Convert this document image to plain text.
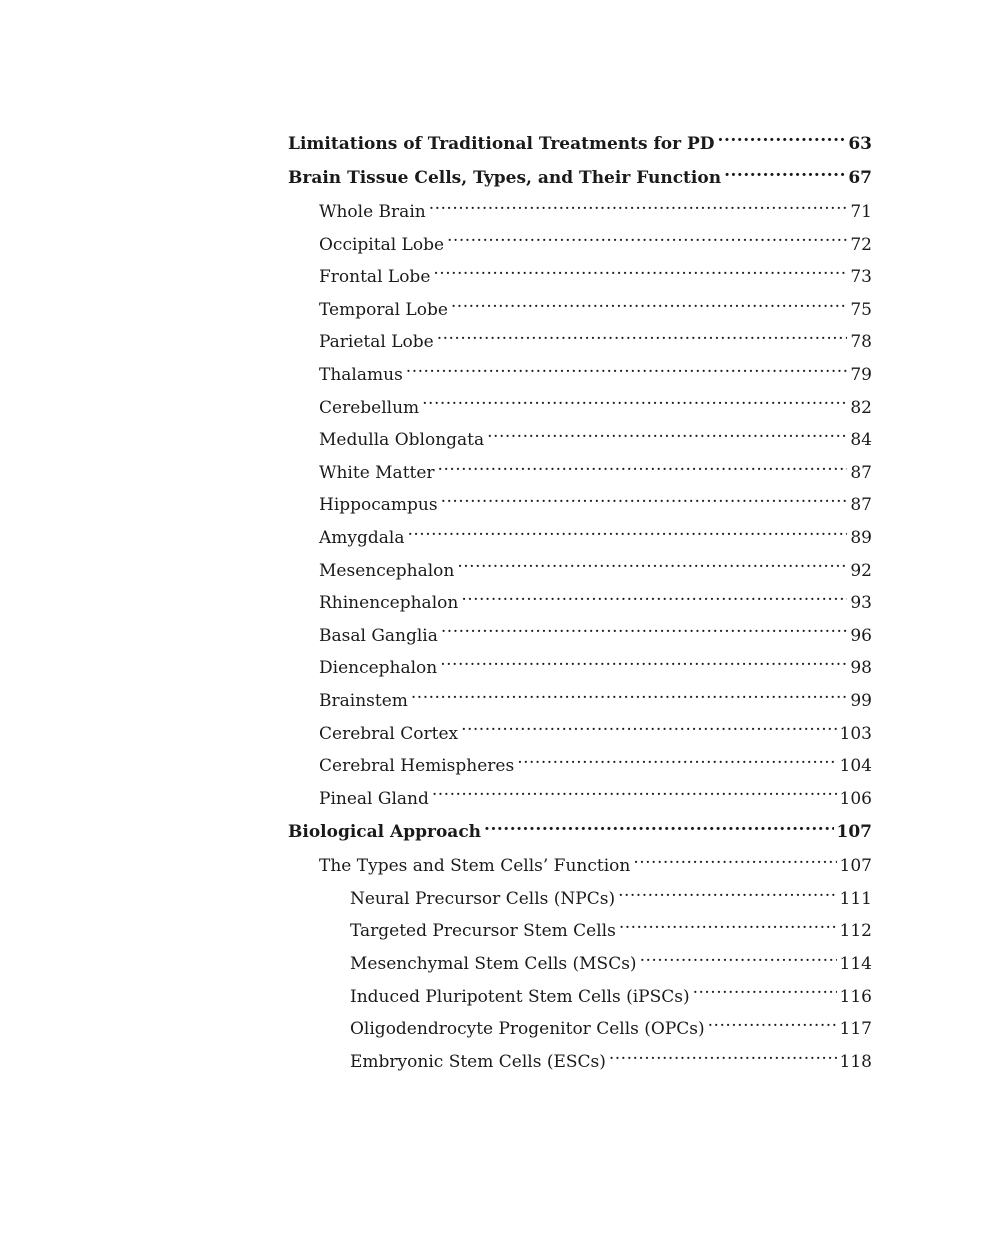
Limitations of Traditional Treatments for PD .....	63
Brain Tissue Cells, Types, and Their Function .....	67
Whole Brain .....	71
Occipital Lobe .....	72
Frontal Lobe .....	73
Temporal Lobe .....	75
Parietal Lobe .....	78
Thalamus .....	79
Cerebellum .....	82
Medulla Oblongata .....	84
White Matter .....	87
Hippocampus .....	87
Amygdala .....	89
Mesencephalon .....	92
Rhinencephalon .....	93
Basal Ganglia .....	96
Diencephalon .....	98
Brainstem .....	99
Cerebral Cortex .....	103
Cerebral Hemispheres .....	104
Pineal Gland .....	106
Biological Approach .....	107
The Types and Stem Cells’ Function .....	107
Neural Precursor Cells (NPCs) .....	111
Targeted Precursor Stem Cells .....	112
Mesenchymal Stem Cells (MSCs) .....	114
Induced Pluripotent Stem Cells (iPSCs) .....	116
Oligodendrocyte Progenitor Cells (OPCs) .....	117
Embryonic Stem Cells (ESCs) .....	118
